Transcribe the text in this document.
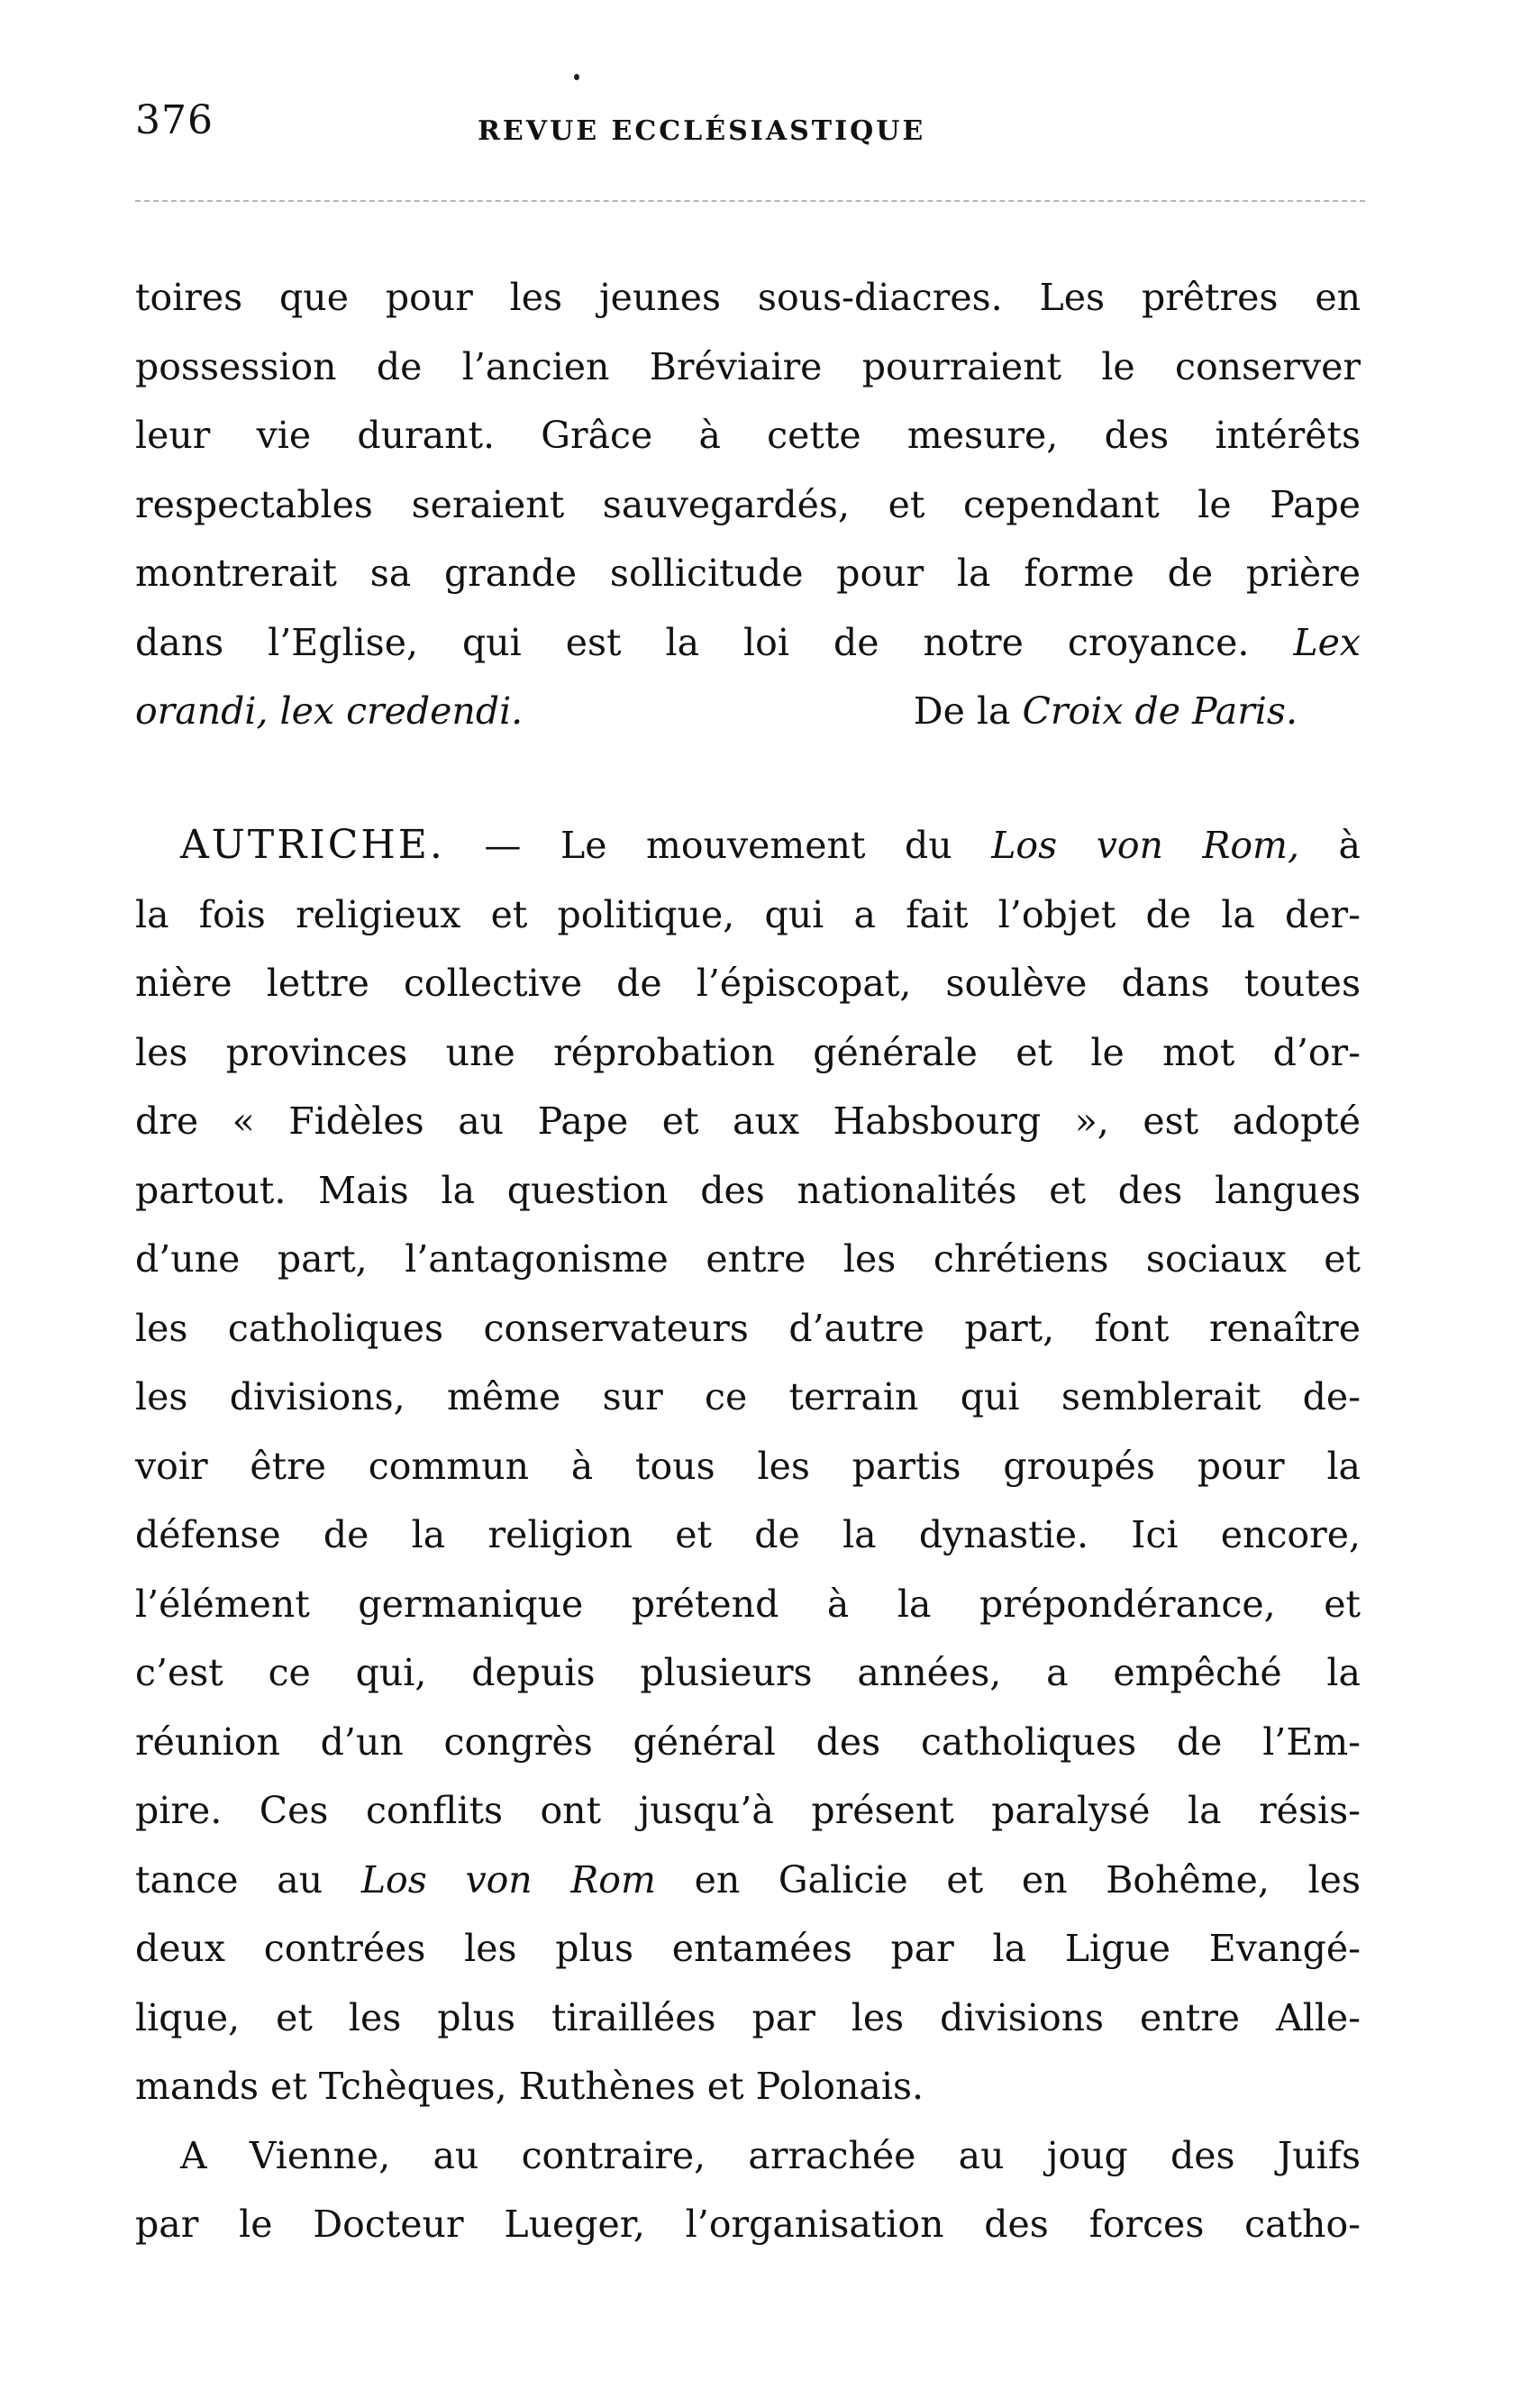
376	REVUE ECCLÉSIASTIQUE
toires que pour les jeunes sous-diacres. Les prêtres en
possession de l’ancien Bréviaire pourraient le conserver
leur vie durant. Grâce à cette mesure, des intérêts
respectables seraient sauvegardés, et cependant le Pape
montrerait sa grande sollicitude pour la forme de prière
dans l’Eglise, qui est la loi de notre croyance. Lex
orandi, lex credendi.	De la Croix de Paris.
AUTRICHE. — Le mouvement du Los von Rom, à
la fois religieux et politique, qui a fait l’objet de la der-
nière lettre collective de l’épiscopat, soulève dans toutes
les provinces une réprobation générale et le mot d’or-
dre « Fidèles au Pape et aux Habsbourg », est adopté
partout. Mais la question des nationalités et des langues
d’une part, l’antagonisme entre les chrétiens sociaux et
les catholiques conservateurs d’autre part, font renaître
les divisions, même sur ce terrain qui semblerait de-
voir être commun à tous les partis groupés pour la
défense de la religion et de la dynastie. Ici encore,
l’élément germanique prétend à la prépondérance, et
c’est ce qui, depuis plusieurs années, a empêché la
réunion d’un congrès général des catholiques de l’Em-
pire. Ces conflits ont jusqu’à présent paralysé la résis-
tance au Los von Rom en Galicie et en Bohême, les
deux contrées les plus entamées par la Ligue Evangé-
lique, et les plus tiraillées par les divisions entre Alle-
mands et Tchèques, Ruthènes et Polonais.
A Vienne, au contraire, arrachée au joug des Juifs
par le Docteur Lueger, l’organisation des forces catho-
